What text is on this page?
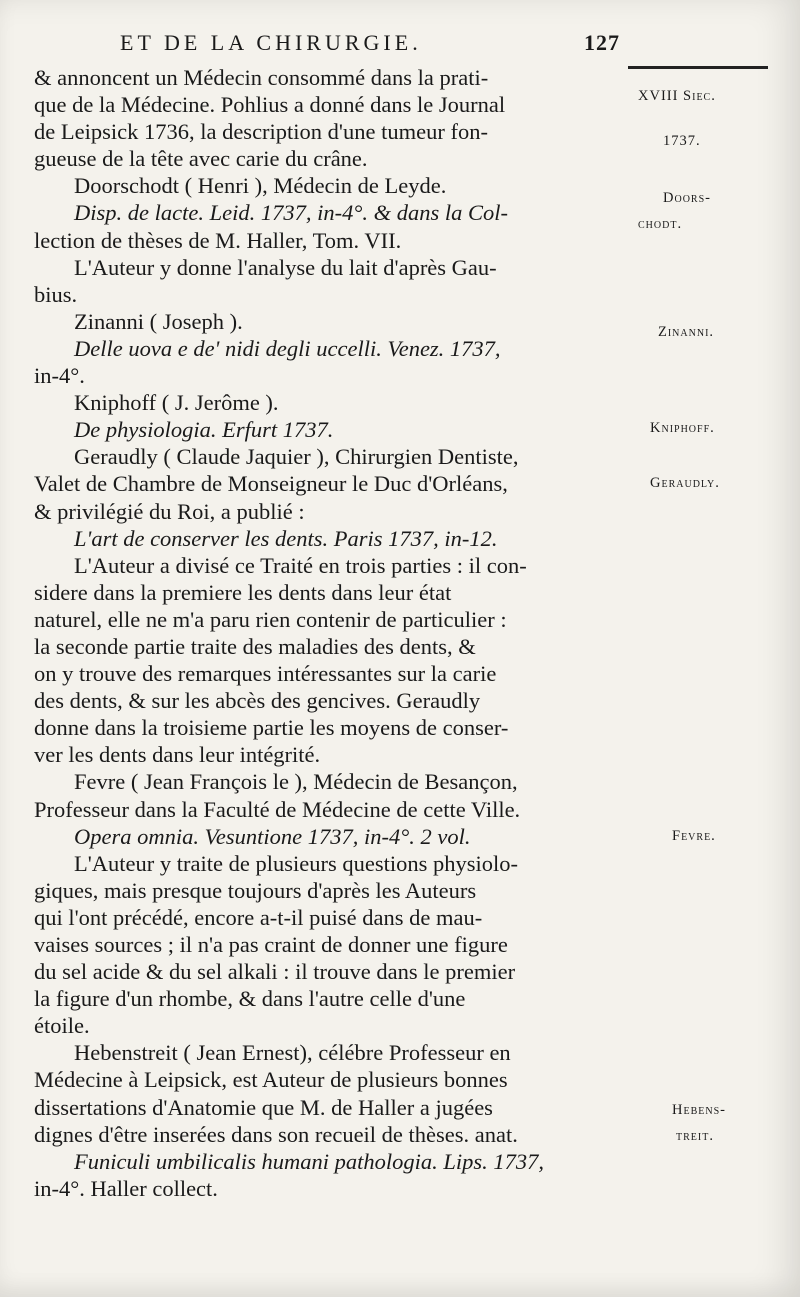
ET DE LA CHIRURGIE.	127
& annoncent un Médecin consommé dans la prati-
que de la Médecine. Pohlius a donné dans le Journal
de Leipsick 1736, la description d'une tumeur fon-
gueuse de la tête avec carie du crâne.
Doorschodt ( Henri ), Médecin de Leyde.
Disp. de lacte. Leid. 1737, in-4°. & dans la Col-
lection de thèses de M. Haller, Tom. VII.
L'Auteur y donne l'analyse du lait d'après Gau-
bius.
Zinanni ( Joseph ).
Delle uova e de' nidi degli uccelli. Venez. 1737,
in-4°.
Kniphoff ( J. Jerôme ).
De physiologia. Erfurt 1737.
Geraudly ( Claude Jaquier ), Chirurgien Dentiste,
Valet de Chambre de Monseigneur le Duc d'Orléans,
& privilégié du Roi, a publié :
L'art de conserver les dents. Paris 1737, in-12.
L'Auteur a divisé ce Traité en trois parties : il con-
sidere dans la premiere les dents dans leur état
naturel, elle ne m'a paru rien contenir de particulier :
la seconde partie traite des maladies des dents, &
on y trouve des remarques intéressantes sur la carie
des dents, & sur les abcès des gencives. Geraudly
donne dans la troisieme partie les moyens de conser-
ver les dents dans leur intégrité.
Fevre ( Jean François le ), Médecin de Besançon,
Professeur dans la Faculté de Médecine de cette Ville.
Opera omnia. Vesuntione 1737, in-4°. 2 vol.
L'Auteur y traite de plusieurs questions physiolo-
giques, mais presque toujours d'après les Auteurs
qui l'ont précédé, encore a-t-il puisé dans de mau-
vaises sources ; il n'a pas craint de donner une figure
du sel acide & du sel alkali : il trouve dans le premier
la figure d'un rhombe, & dans l'autre celle d'une
étoile.
Hebenstreit ( Jean Ernest), célébre Professeur en
Médecine à Leipsick, est Auteur de plusieurs bonnes
dissertations d'Anatomie que M. de Haller a jugées
dignes d'être inserées dans son recueil de thèses. anat.
Funiculi umbilicalis humani pathologia. Lips. 1737,
in-4°. Haller collect.
XVIII Siec.
1737.
Doors-
chodt.
Zinanni.
Kniphoff.
Geraudly.
Fevre.
Hebens-
treit.
